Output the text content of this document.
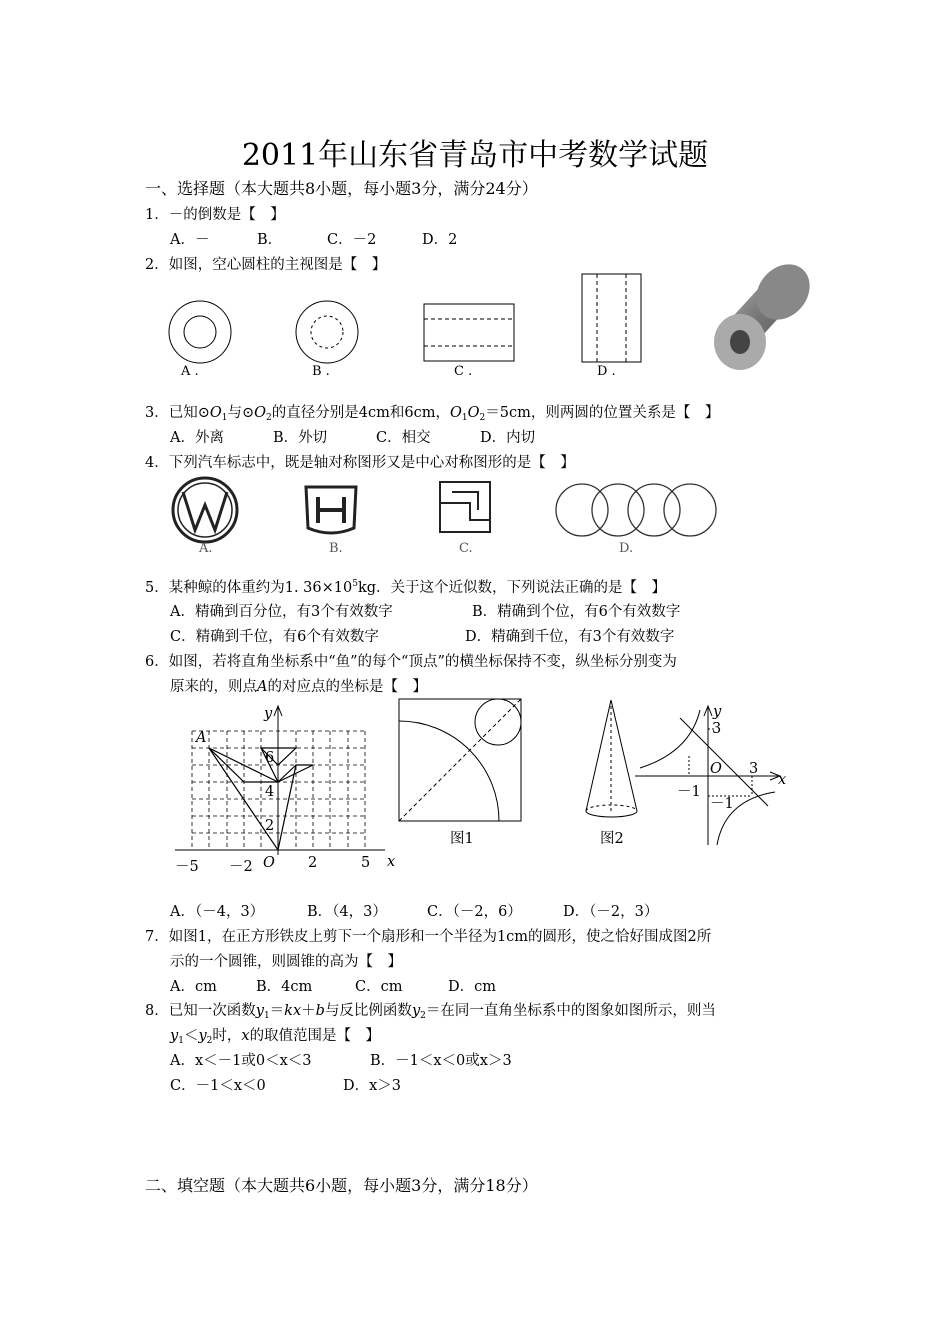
2011年山东省青岛市中考数学试题
一、选择题（本大题共8小题，每小题3分，满分24分）
1．－的倒数是【　】
A．－	B．	C．－2	D．2
2．如图，空心圆柱的主视图是【　】
A .	B .	C .	D .
3．已知$⊙O_1$与$⊙O_2$的直径分别是4cm和6cm，$O_1O_2=5cm$，则两圆的位置关系是【　】
A．外离	B．外切	C．相交	D．内切
4．下列汽车标志中，既是轴对称图形又是中心对称图形的是【　】
A.	B.	C.	D.
5．某种鲸的体重约为1. $36\times 10^5kg$．关于这个近似数，下列说法正确的是【　】
A．精确到百分位，有3个有效数字	B．精确到个位，有6个有效数字
C．精确到千位，有6个有效数字	D．精确到千位，有3个有效数字
6．如图，若将直角坐标系中“鱼”的每个“顶点”的横坐标保持不变，纵坐标分别变为
原来的，则点A的对应点的坐标是【　】
y
x
A
O
－5 －2	2	5
6
4
2
图1	图2
y
x
O
3
3
－1
－1
A．（－4，3）	B．（4，3）	C．（－2，6）	D．（－2，3）
7．如图1，在正方形铁皮上剪下一个扇形和一个半径为1cm的圆形，使之恰好围成图2所
示的一个圆锥，则圆锥的高为【　】
A．cm	B．4cm	C．cm	D．cm
8．已知一次函数$y_1=kx+b$与反比例函数$y_2=$在同一直角坐标系中的图象如图所示，则当
$y_1<y_2$时，x的取值范围是【　】
A．x＜－1或0＜x＜3	B．－1＜x＜0或x＞3
C．－1＜x＜0	D．x＞3
二、填空题（本大题共6小题，每小题3分，满分18分）
